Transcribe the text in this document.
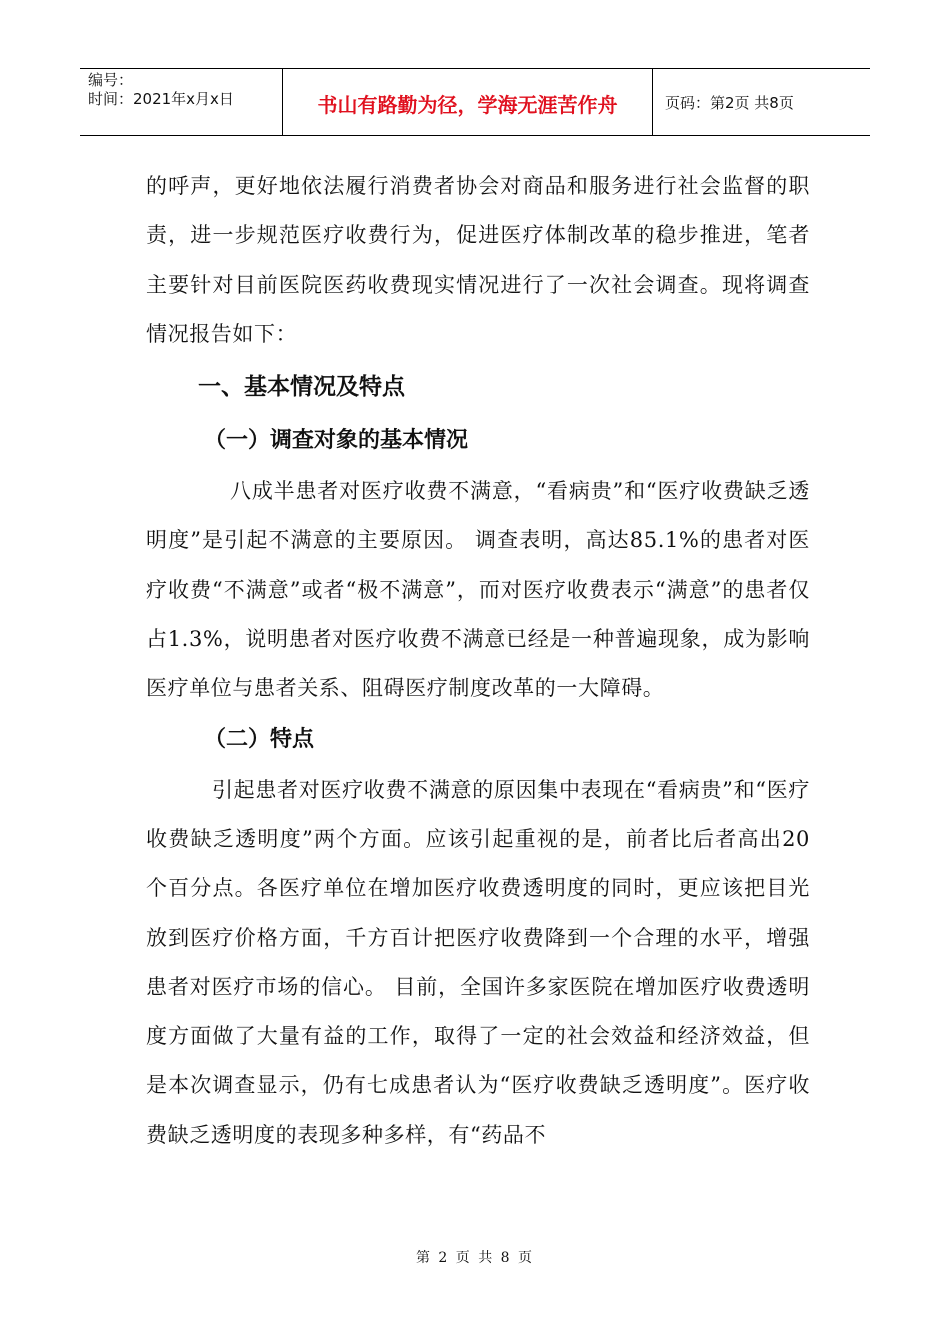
编号：
时间：2021年x月x日	书山有路勤为径，学海无涯苦作舟	页码：第2页 共8页

的呼声，更好地依法履行消费者协会对商品和服务进行社会监督的职责，进一步规范医疗收费行为，促进医疗体制改革的稳步推进，笔者主要针对目前医院医药收费现实情况进行了一次社会调查。现将调查情况报告如下：

一、基本情况及特点
（一）调查对象的基本情况

八成半患者对医疗收费不满意，“看病贵”和“医疗收费缺乏透明度”是引起不满意的主要原因。 调查表明，高达85.1%的患者对医疗收费“不满意”或者“极不满意”，而对医疗收费表示“满意”的患者仅占1.3%，说明患者对医疗收费不满意已经是一种普遍现象，成为影响医疗单位与患者关系、阻碍医疗制度改革的一大障碍。

（二）特点

引起患者对医疗收费不满意的原因集中表现在“看病贵”和“医疗收费缺乏透明度”两个方面。应该引起重视的是，前者比后者高出20个百分点。各医疗单位在增加医疗收费透明度的同时，更应该把目光放到医疗价格方面，千方百计把医疗收费降到一个合理的水平，增强患者对医疗市场的信心。 目前，全国许多家医院在增加医疗收费透明度方面做了大量有益的工作，取得了一定的社会效益和经济效益，但是本次调查显示，仍有七成患者认为“医疗收费缺乏透明度”。医疗收费缺乏透明度的表现多种多样，有“药品不

第 2 页 共 8 页
